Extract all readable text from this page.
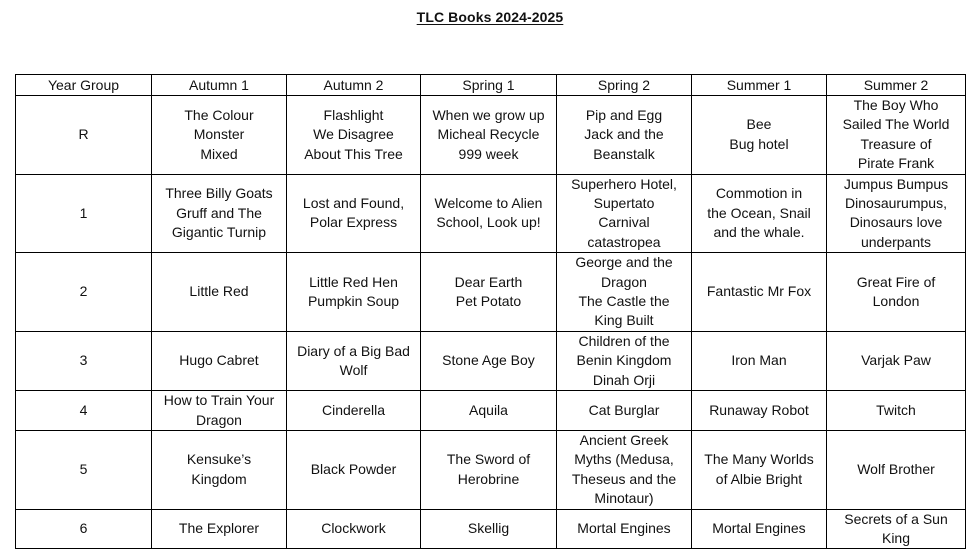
TLC Books 2024-2025
Year Group	Autumn 1	Autumn 2	Spring 1	Spring 2	Summer 1	Summer 2
R	The Colour
Monster
Mixed	Flashlight
We Disagree
About This Tree	When we grow up
Micheal Recycle
999 week	Pip and Egg
Jack and the
Beanstalk	Bee
Bug hotel	The Boy Who
Sailed The World
Treasure of
Pirate Frank
1	Three Billy Goats
Gruff and The
Gigantic Turnip	Lost and Found,
Polar Express	Welcome to Alien
School, Look up!	Superhero Hotel,
Supertato
Carnival
catastropea	Commotion in
the Ocean, Snail
and the whale.	Jumpus Bumpus
Dinosaurumpus,
Dinosaurs love
underpants
2	Little Red	Little Red Hen
Pumpkin Soup	Dear Earth
Pet Potato	George and the
Dragon
The Castle the
King Built	Fantastic Mr Fox	Great Fire of
London
3	Hugo Cabret	Diary of a Big Bad
Wolf	Stone Age Boy	Children of the
Benin Kingdom
Dinah Orji	Iron Man	Varjak Paw
4	How to Train Your
Dragon	Cinderella	Aquila	Cat Burglar	Runaway Robot	Twitch
5	Kensuke’s
Kingdom	Black Powder	The Sword of
Herobrine	Ancient Greek
Myths (Medusa,
Theseus and the
Minotaur)	The Many Worlds
of Albie Bright	Wolf Brother
6	The Explorer	Clockwork	Skellig	Mortal Engines	Mortal Engines	Secrets of a Sun
King
